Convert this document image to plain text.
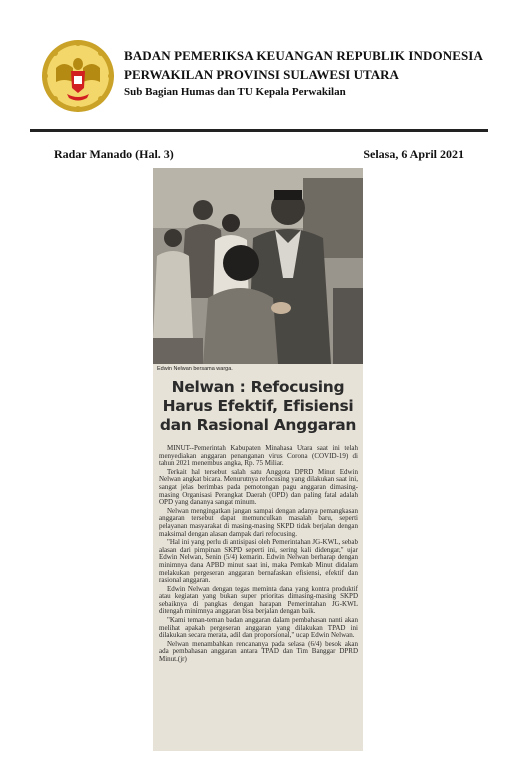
BADAN PEMERIKSA KEUANGAN REPUBLIK INDONESIA
PERWAKILAN PROVINSI SULAWESI UTARA
Sub Bagian Humas dan TU Kepala Perwakilan
Radar Manado (Hal. 3)	Selasa, 6 April 2021
Edwin Nelwan bersama warga.
Nelwan : Refocusing
Harus Efektif, Efisiensi
dan Rasional Anggaran

MINUT--Pemerintah Kabupaten Minahasa Utara saat ini telah menyediakan anggaran penanganan virus Corona (COVID-19) di tahun 2021 menembus angka, Rp. 75 Miliar.

Terkait hal tersebut salah satu Anggota DPRD Minut Edwin Nelwan angkat bicara. Menurutnya refocusing yang dilakukan saat ini, sangat jelas berimbas pada pemotongan pagu anggaran dimasing-masing Organisasi Perangkat Daerah (OPD) dan paling fatal adalah OPD yang dananya sangat minum.

Nelwan mengingatkan jangan sampai dengan adanya pemangkasan anggaran tersebut dapat memunculkan masalah baru, seperti pelayanan masyarakat di masing-masing SKPD tidak berjalan dengan maksimal dengan alasan dampak dari refocusing.

"Hal ini yang perlu di antisipasi oleh Pemerintahan JG-KWL, sebab alasan dari pimpinan SKPD seperti ini, sering kali didengar," ujar Edwin Nelwan, Senin (5/4) kemarin. Edwin Nelwan berharap dengan minimnya dana APBD minut saat ini, maka Pemkab Minut didalam melakukan pergeseran anggaran bernafaskan efisiensi, efektif dan rasional anggaran.

Edwin Nelwan dengan tegas meminta dana yang kontra produktif atau kegiatan yang bukan super prioritas dimasing-masing SKPD sebaiknya di pangkas dengan harapan Pemerintahan JG-KWL ditengah minimnya anggaran bisa berjalan dengan baik.

"Kami teman-teman badan anggaran dalam pembahasan nanti akan melihat apakah pergeseran anggaran yang dilakukan TPAD ini dilakukan secara merata, adil dan proporsional," ucap Edwin Nelwan.

Nelwan menambahkan rencananya pada selasa (6/4) besok akan ada pembahasan anggaran antara TPAD dan Tim Banggar DPRD Minut.(jr)
